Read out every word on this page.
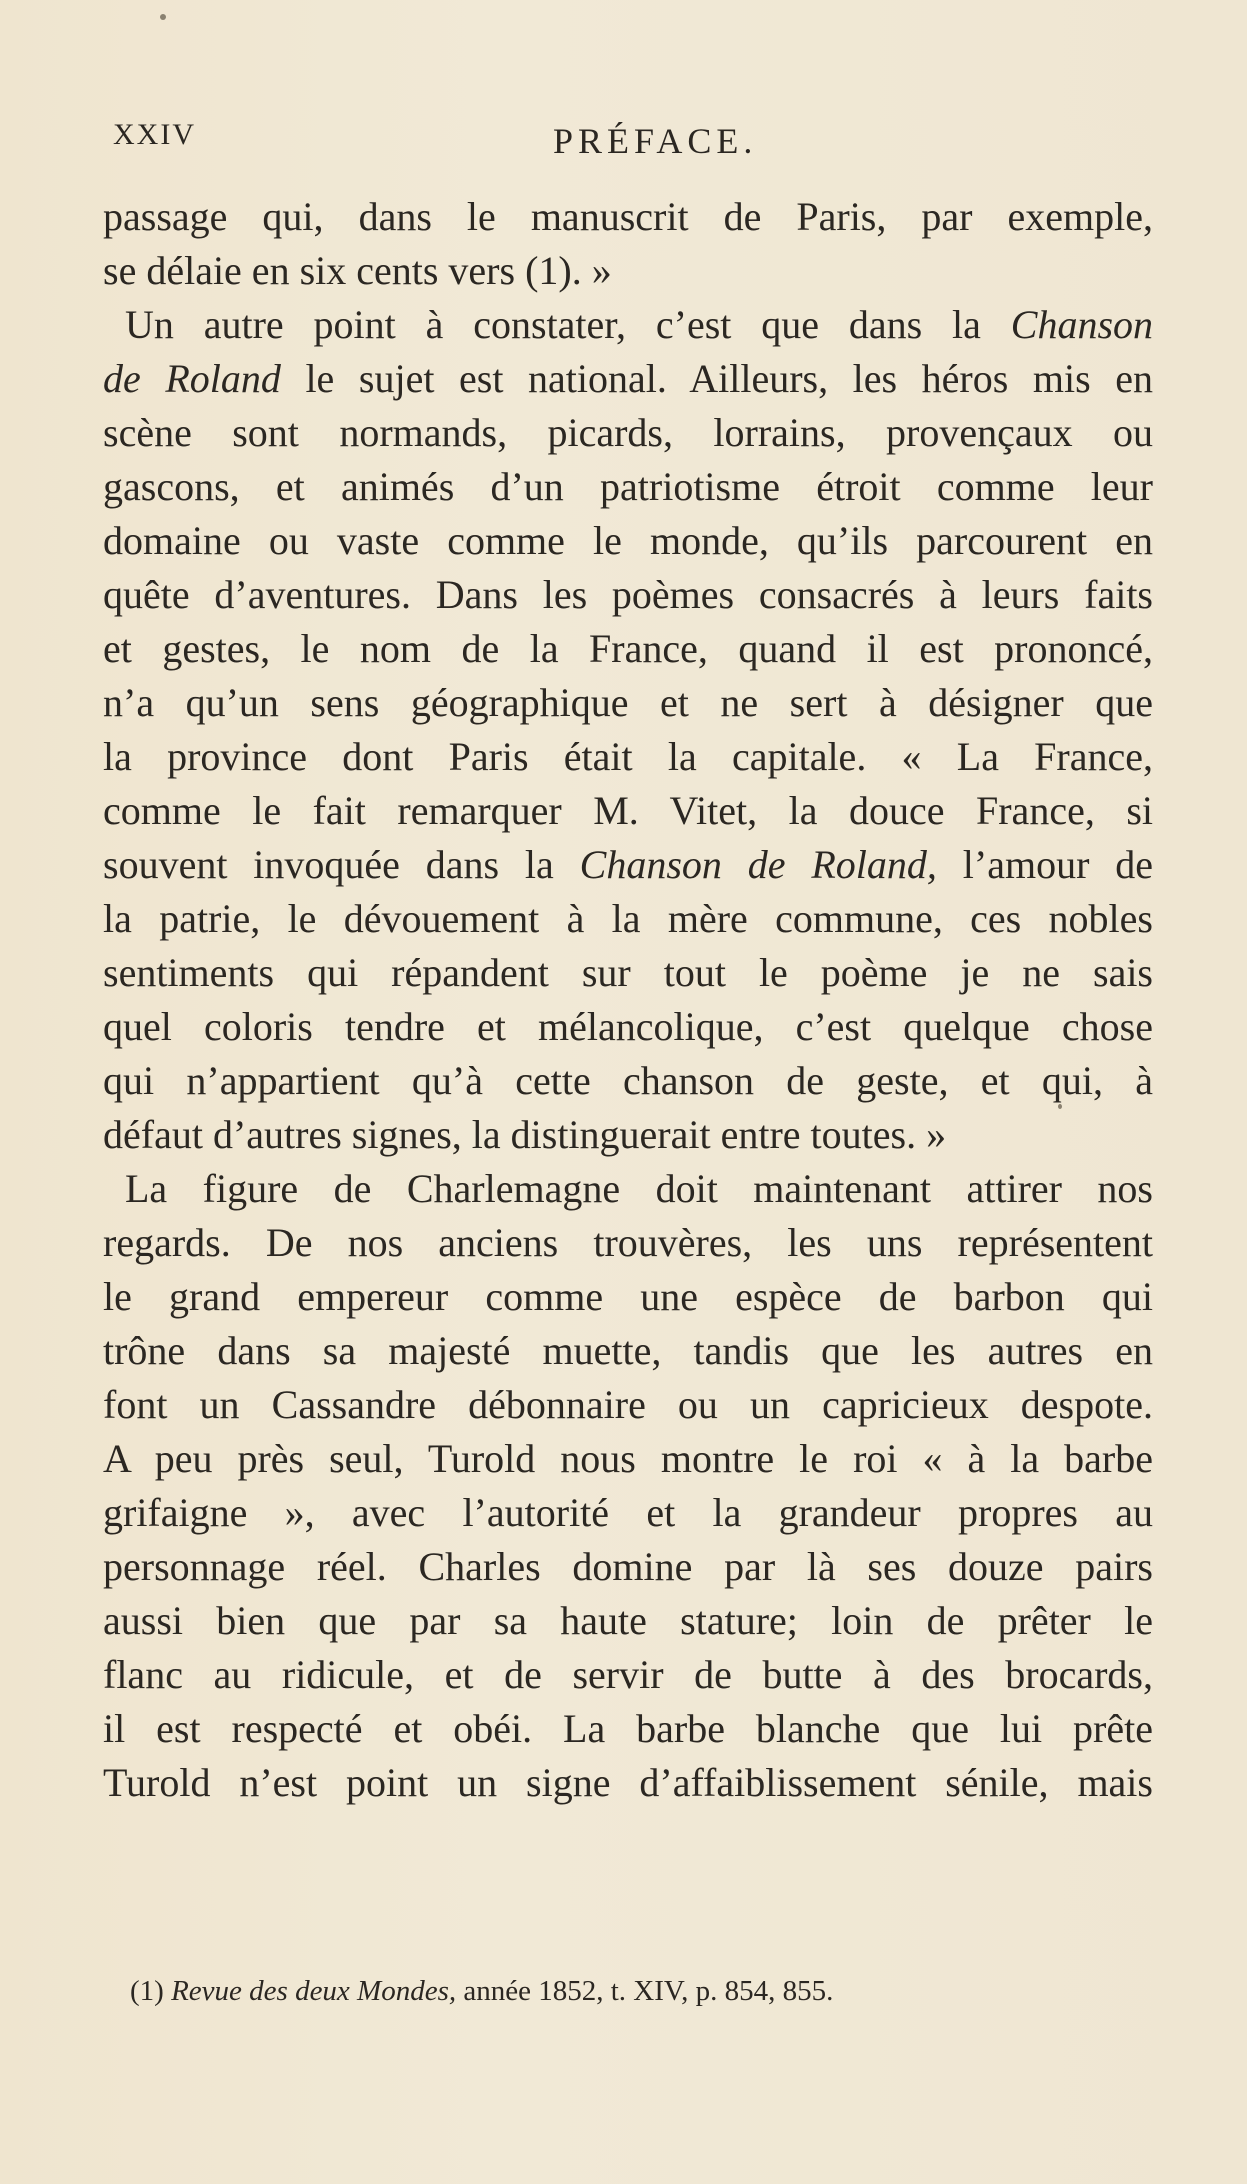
XXIV	PRÉFACE.
passage qui, dans le manuscrit de Paris, par exemple,
se délaie en six cents vers (1). »
Un autre point à constater, c’est que dans la Chanson
de Roland le sujet est national. Ailleurs, les héros mis en
scène sont normands, picards, lorrains, provençaux ou
gascons, et animés d’un patriotisme étroit comme leur
domaine ou vaste comme le monde, qu’ils parcourent en
quête d’aventures. Dans les poèmes consacrés à leurs faits
et gestes, le nom de la France, quand il est prononcé,
n’a qu’un sens géographique et ne sert à désigner que
la province dont Paris était la capitale. « La France,
comme le fait remarquer M. Vitet, la douce France, si
souvent invoquée dans la Chanson de Roland, l’amour de
la patrie, le dévouement à la mère commune, ces nobles
sentiments qui répandent sur tout le poème je ne sais
quel coloris tendre et mélancolique, c’est quelque chose
qui n’appartient qu’à cette chanson de geste, et qui, à
défaut d’autres signes, la distinguerait entre toutes. »
La figure de Charlemagne doit maintenant attirer nos
regards. De nos anciens trouvères, les uns représentent
le grand empereur comme une espèce de barbon qui
trône dans sa majesté muette, tandis que les autres en
font un Cassandre débonnaire ou un capricieux despote.
A peu près seul, Turold nous montre le roi « à la barbe
grifaigne », avec l’autorité et la grandeur propres au
personnage réel. Charles domine par là ses douze pairs
aussi bien que par sa haute stature; loin de prêter le
flanc au ridicule, et de servir de butte à des brocards,
il est respecté et obéi. La barbe blanche que lui prête
Turold n’est point un signe d’affaiblissement sénile, mais
(1) Revue des deux Mondes, année 1852, t. XIV, p. 854, 855.
